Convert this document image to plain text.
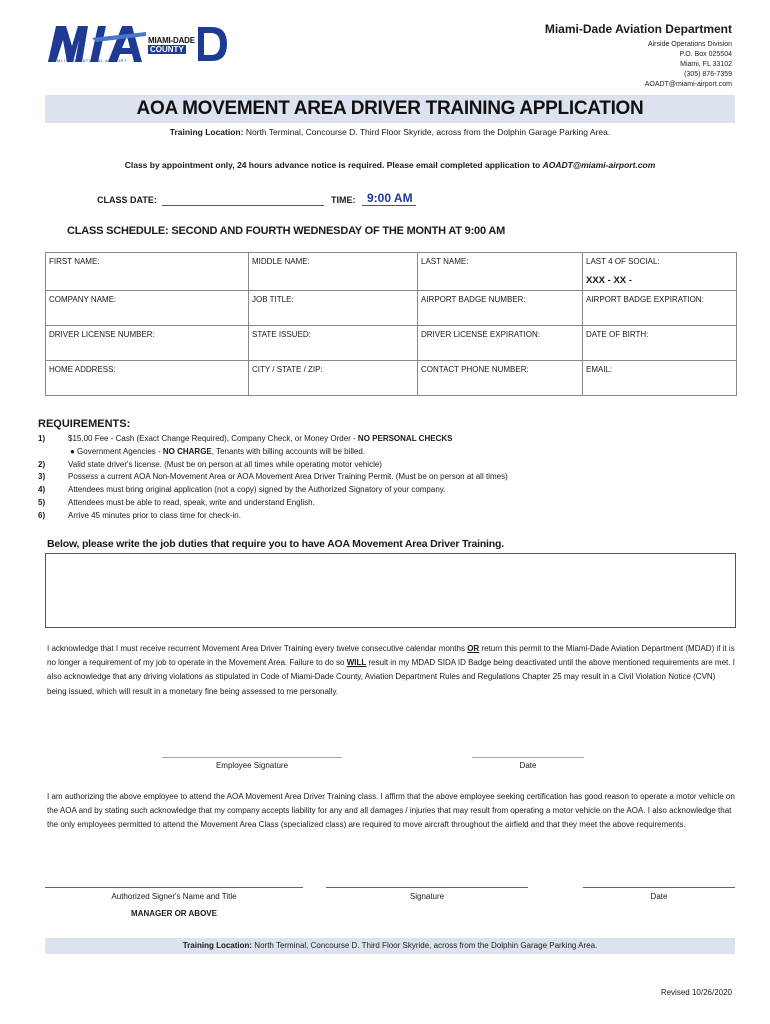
MIAMI INTERNATIONAL AIRPORT
MIAMI-DADE
COUNTY
Miami-Dade Aviation Department
Airside Operations Division
P.O. Box 025504
Miami, FL 33102
(305) 876-7359
AOADT@miami-airport.com
AOA MOVEMENT AREA DRIVER TRAINING APPLICATION
Training Location: North Terminal, Concourse D. Third Floor Skyride, across from the Dolphin Garage Parking Area.
Class by appointment only, 24 hours advance notice is required. Please email completed application to AOADT@miami-airport.com
CLASS DATE:	TIME: 9:00 AM
CLASS SCHEDULE: SECOND AND FOURTH WEDNESDAY OF THE MONTH AT 9:00 AM
FIRST NAME:	MIDDLE NAME:	LAST NAME:	LAST 4 OF SOCIAL:
XXX - XX -

COMPANY NAME:	JOB TITLE:	AIRPORT BADGE NUMBER:	AIRPORT BADGE EXPIRATION:
DRIVER LICENSE NUMBER:	STATE ISSUED:	DRIVER LICENSE EXPIRATION:	DATE OF BIRTH:
HOME ADDRESS:	CITY / STATE / ZIP:	CONTACT PHONE NUMBER:	EMAIL:
REQUIREMENTS:
1)	$15.00 Fee - Cash (Exact Change Required), Company Check, or Money Order - NO PERSONAL CHECKS
● Government Agencies - NO CHARGE, Tenants with billing accounts will be billed.
2)	Valid state driver's license. (Must be on person at all times while operating motor vehicle)
3)	Possess a current AOA Non-Movement Area or AOA Movement Area Driver Training Permit. (Must be on person at all times)
4)	Attendees must bring original application (not a copy) signed by the Authorized Signatory of your company.
5)	Attendees must be able to read, speak, write and understand English.
6)	Arrive 45 minutes prior to class time for check-in.
Below, please write the job duties that require you to have AOA Movement Area Driver Training.
I acknowledge that I must receive recurrent Movement Area Driver Training every twelve consecutive calendar months OR return this permit to the Miami-Dade Aviation Department (MDAD) if it is no longer a requirement of my job to operate in the Movement Area. Failure to do so WILL result in my MDAD SIDA ID Badge being deactivated until the above mentioned requirements are met. I also acknowledge that any driving violations as stipulated in Code of Miami-Dade County, Aviation Department Rules and Regulations Chapter 25 may result in a Civil Violation Notice (CVN) being issued, which will result in a monetary fine being assessed to me personally.
Employee Signature	Date
I am authorizing the above employee to attend the AOA Movement Area Driver Training class. I affirm that the above employee seeking certification has good reason to operate a motor vehicle on the AOA and by stating such acknowledge that my company accepts liability for any and all damages / injuries that may result from operating a motor vehicle on the AOA. I also acknowledge that the only employees permitted to attend the Movement Area Class (specialized class) are required to move aircraft throughout the airfield and that they meet the above requirements.
Authorized Signer's Name and Title
MANAGER OR ABOVE
Signature	Date
Training Location: North Terminal, Concourse D. Third Floor Skyride, across from the Dolphin Garage Parking Area.
Revised 10/26/2020
